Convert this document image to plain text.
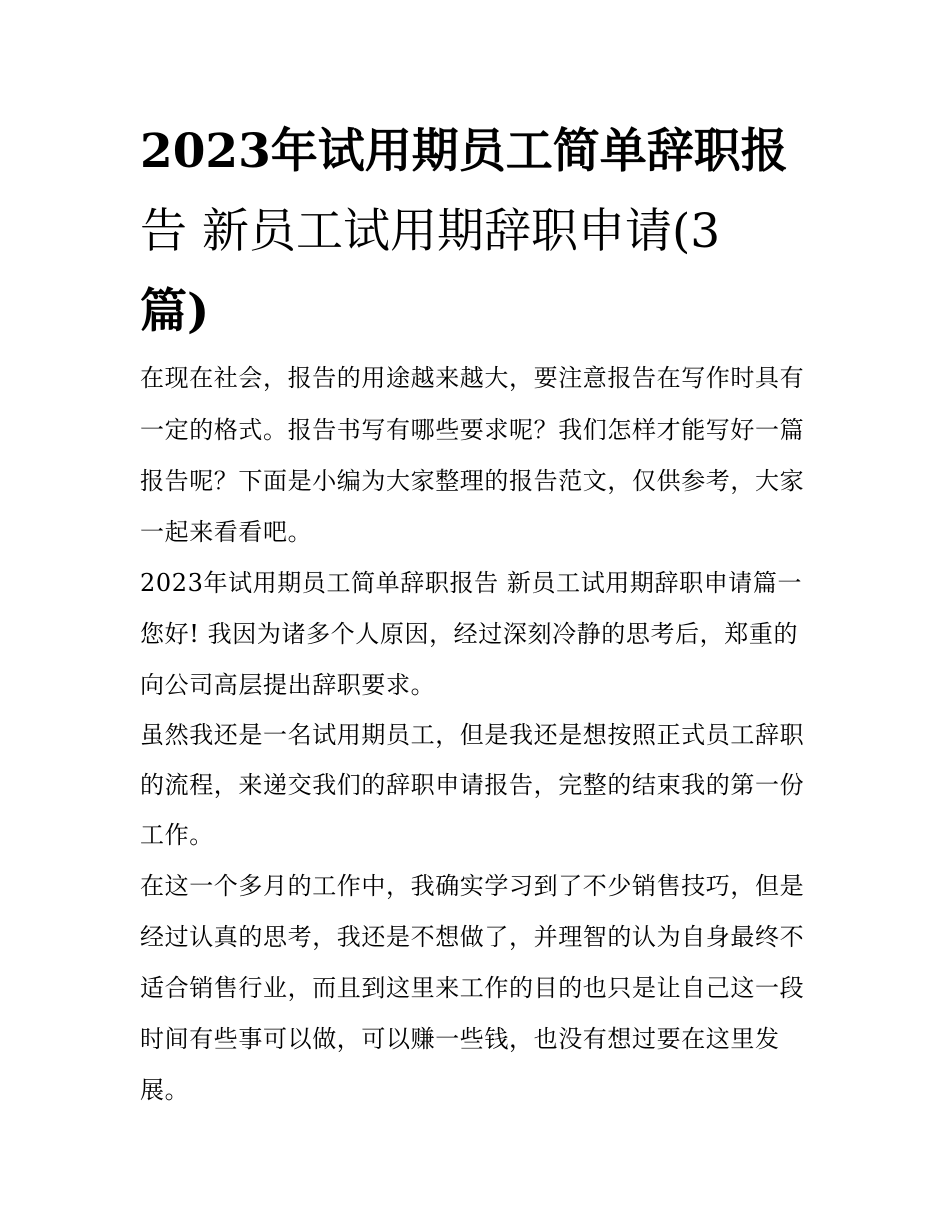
2023年试用期员工简单辞职报
告 新员工试用期辞职申请(3
篇)

在现在社会，报告的用途越来越大，要注意报告在写作时具有

一定的格式。报告书写有哪些要求呢？我们怎样才能写好一篇

报告呢？下面是小编为大家整理的报告范文，仅供参考，大家

一起来看看吧。

2023年试用期员工简单辞职报告 新员工试用期辞职申请篇一

您好! 我因为诸多个人原因，经过深刻冷静的思考后，郑重的

向公司高层提出辞职要求。

虽然我还是一名试用期员工，但是我还是想按照正式员工辞职

的流程，来递交我们的辞职申请报告，完整的结束我的第一份

工作。

在这一个多月的工作中，我确实学习到了不少销售技巧，但是

经过认真的思考，我还是不想做了，并理智的认为自身最终不

适合销售行业，而且到这里来工作的目的也只是让自己这一段

时间有些事可以做，可以赚一些钱，也没有想过要在这里发

展。
